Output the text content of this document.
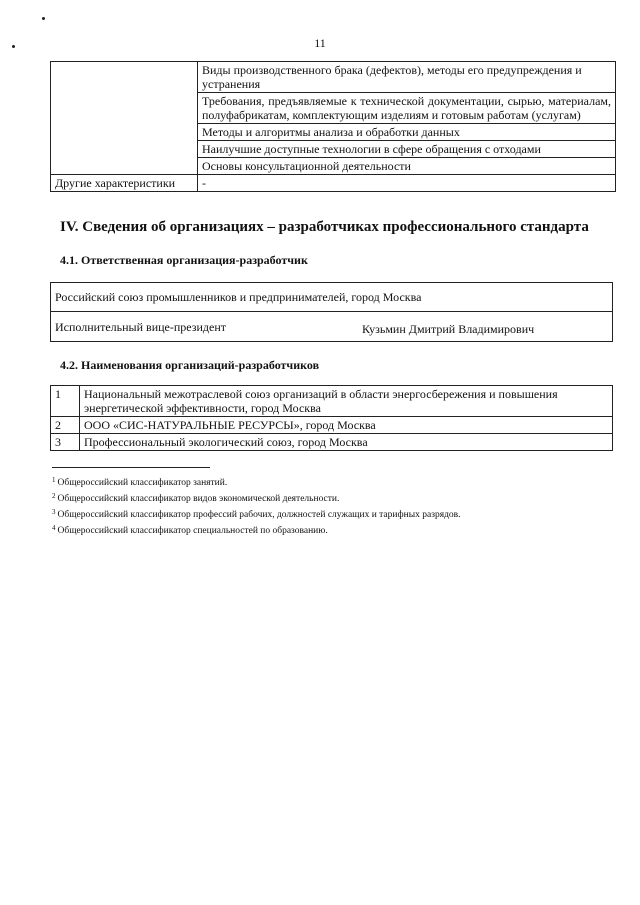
11
	Виды производственного брака (дефектов), методы его предупреждения и устранения
	Требования, предъявляемые к технической документации, сырью, материалам, полуфабрикатам, комплектующим изделиям и готовым работам (услугам)
	Методы и алгоритмы анализа и обработки данных
	Наилучшие доступные технологии в сфере обращения с отходами
	Основы консультационной деятельности
Другие характеристики	-
IV. Сведения об организациях – разработчиках профессионального стандарта
4.1. Ответственная организация-разработчик
Российский союз промышленников и предпринимателей, город Москва
Исполнительный вице-президент	Кузьмин Дмитрий Владимирович
4.2. Наименования организаций-разработчиков
1	Национальный межотраслевой союз организаций в области энергосбережения и повышения энергетической эффективности, город Москва
2	ООО «СИС-НАТУРАЛЬНЫЕ РЕСУРСЫ», город Москва
3	Профессиональный экологический союз, город Москва
$^1$ Общероссийский классификатор занятий.
$^2$ Общероссийский классификатор видов экономической деятельности.
$^3$ Общероссийский классификатор профессий рабочих, должностей служащих и тарифных разрядов.
$^4$ Общероссийский классификатор специальностей по образованию.
